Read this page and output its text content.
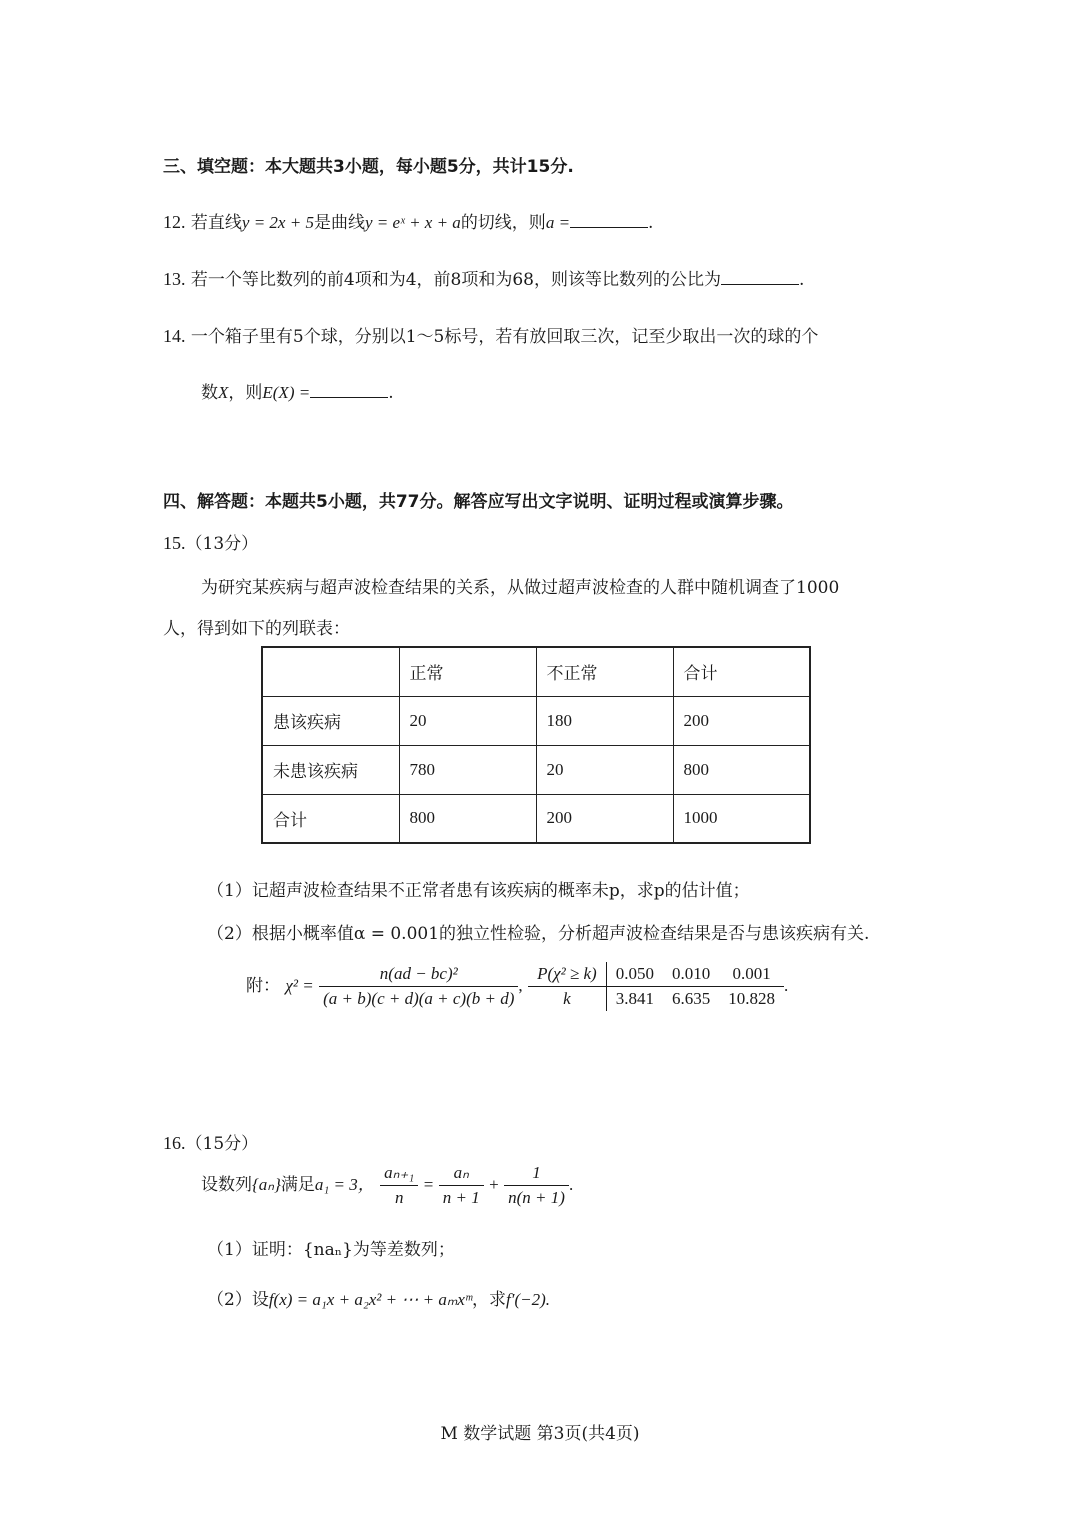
三、填空题：本大题共3小题，每小题5分，共计15分.
12. 若直线y = 2x + 5是曲线y = eˣ + x + a的切线，则a =	.
13. 若一个等比数列的前4项和为4，前8项和为68，则该等比数列的公比为	.
14. 一个箱子里有5个球，分别以1～5标号，若有放回取三次，记至少取出一次的球的个
数X，则E(X) =	.
四、解答题：本题共5小题，共77分。解答应写出文字说明、证明过程或演算步骤。
15.（13分）
为研究某疾病与超声波检查结果的关系，从做过超声波检查的人群中随机调查了1000
人，得到如下的列联表：
	正常	不正常	合计
患该疾病	20	180	200
未患该疾病	780	20	800
合计	800	200	1000
（1）记超声波检查结果不正常者患有该疾病的概率未p，求p的估计值；
（2）根据小概率值α = 0.001的独立性检验，分析超声波检查结果是否与患该疾病有关.
附： $\chi^2 = \frac{\text{n(ad − bc)²}}{(a + b)(c + d)(a + c)(b + d)}$ , P(χ² ≥ k)	0.050	0.010	0.001
k	3.841	6.635	10.828.
16.（15分）
设数列{aₙ}满足a₁ = 3， $\frac{\text{aₙ₊₁}}{n} = \frac{\text{aₙ}}{n + 1} + \frac{1}{n(n + 1)}$ .
（1）证明：{naₙ}为等差数列；
（2）设f(x) = a₁x + a₂x² + ⋯ + aₘxᵐ，求f′(−2).
M 数学试题 第3页(共4页)
